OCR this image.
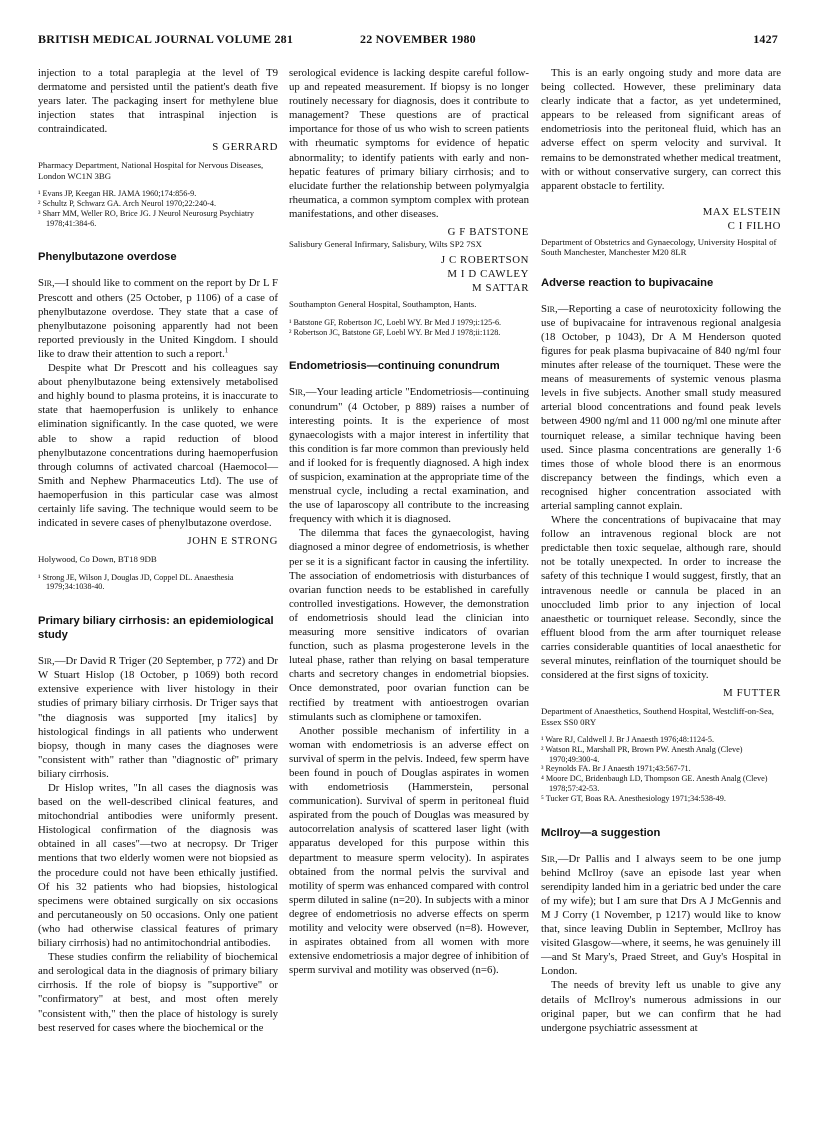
BRITISH MEDICAL JOURNAL VOLUME 281	22 NOVEMBER 1980	1427

injection to a total paraplegia at the level of T9 dermatome and persisted until the patient's death five years later. The packaging insert for methylene blue injection states that intraspinal injection is contraindicated.

S GERRARD
Pharmacy Department, National Hospital for Nervous Diseases, London WC1N 3BG
¹ Evans JP, Keegan HR. JAMA 1960;174:856-9.
² Schultz P, Schwarz GA. Arch Neurol 1970;22:240-4.
³ Sharr MM, Weller RO, Brice JG. J Neurol Neurosurg Psychiatry 1978;41:384-6.
Phenylbutazone overdose

Sir,—I should like to comment on the report by Dr L F Prescott and others (25 October, p 1106) of a case of phenylbutazone overdose. They state that a case of phenylbutazone poisoning apparently had not been reported previously in the United Kingdom. I should like to draw their attention to such a report.$^1$

Despite what Dr Prescott and his colleagues say about phenylbutazone being extensively metabolised and highly bound to plasma proteins, it is inaccurate to state that haemoperfusion is unlikely to enhance elimination significantly. In the case quoted, we were able to show a rapid reduction of blood phenylbutazone concentrations during haemoperfusion through columns of activated charcoal (Haemocol—Smith and Nephew Pharmaceutics Ltd). The use of haemoperfusion in this particular case was almost certainly life saving. The technique would seem to be indicated in severe cases of phenylbutazone overdose.

JOHN E STRONG
Holywood, Co Down, BT18 9DB
¹ Strong JE, Wilson J, Douglas JD, Coppel DL. Anaesthesia 1979;34:1038-40.
Primary biliary cirrhosis: an epidemiological study

Sir,—Dr David R Triger (20 September, p 772) and Dr W Stuart Hislop (18 October, p 1069) both record extensive experience with liver histology in their studies of primary biliary cirrhosis. Dr Triger says that "the diagnosis was supported [my italics] by histological findings in all patients who underwent biopsy, though in many cases the diagnoses were "consistent with" rather than "diagnostic of" primary biliary cirrhosis.

Dr Hislop writes, "In all cases the diagnosis was based on the well-described clinical features, and mitochondrial antibodies were uniformly present. Histological confirmation of the diagnosis was obtained in all cases"—two at necropsy. Dr Triger mentions that two elderly women were not biopsied as the procedure could not have been ethically justified. Of his 32 patients who had biopsies, histological specimens were obtained surgically on six occasions and percutaneously on 50 occasions. Only one patient (who had otherwise classical features of primary biliary cirrhosis) had no antimitochondrial antibodies.

These studies confirm the reliability of biochemical and serological data in the diagnosis of primary biliary cirrhosis. If the role of biopsy is "supportive" or "confirmatory" at best, and most often merely "consistent with," then the place of histology is surely best reserved for cases where the biochemical or the

serological evidence is lacking despite careful follow-up and repeated measurement. If biopsy is no longer routinely necessary for diagnosis, does it contribute to management? These questions are of practical importance for those of us who wish to screen patients with rheumatic symptoms for evidence of hepatic abnormality; to identify patients with early and non-hepatic features of primary biliary cirrhosis; and to elucidate further the relationship between polymyalgia rheumatica, a common symptom complex with protean manifestations, and other diseases.

G F BATSTONE
Salisbury General Infirmary, Salisbury, Wilts SP2 7SX
J C ROBERTSON
M I D CAWLEY
M SATTAR
Southampton General Hospital, Southampton, Hants.
¹ Batstone GF, Robertson JC, Loebl WY. Br Med J 1979;i:125-6.
² Robertson JC, Batstone GF, Loebl WY. Br Med J 1978;ii:1128.
Endometriosis—continuing conundrum

Sir,—Your leading article "Endometriosis—continuing conundrum" (4 October, p 889) raises a number of interesting points. It is the experience of most gynaecologists with a major interest in infertility that this condition is far more common than previously held and if looked for is frequently diagnosed. A high index of suspicion, examination at the appropriate time of the menstrual cycle, including a rectal examination, and the use of laparoscopy all contribute to the increasing frequency with which it is diagnosed.

The dilemma that faces the gynaecologist, having diagnosed a minor degree of endometriosis, is whether per se it is a significant factor in causing the infertility. The association of endometriosis with disturbances of ovarian function needs to be established in carefully controlled investigations. However, the demonstration of endometriosis should lead the clinician into measuring more sensitive indicators of ovarian function, such as plasma progesterone levels in the luteal phase, rather than relying on basal temperature charts and secretory changes in endometrial biopsies. Once demonstrated, poor ovarian function can be rectified by treatment with antioestrogen ovarian stimulants such as clomiphene or tamoxifen.

Another possible mechanism of infertility in a woman with endometriosis is an adverse effect on survival of sperm in the pelvis. Indeed, few sperm have been found in pouch of Douglas aspirates in women with endometriosis (Hammerstein, personal communication). Survival of sperm in peritoneal fluid aspirated from the pouch of Douglas was measured by autocorrelation analysis of scattered laser light (with apparatus developed for this purpose within this department to measure sperm velocity). In aspirates obtained from the normal pelvis the survival and motility of sperm was enhanced compared with control sperm diluted in saline (n=20). In subjects with a minor degree of endometriosis no adverse effects on sperm motility and velocity were observed (n=8). However, in aspirates obtained from all women with more extensive endometriosis a major degree of inhibition of sperm survival and motility was observed (n=6).

This is an early ongoing study and more data are being collected. However, these preliminary data clearly indicate that a factor, as yet undetermined, appears to be released from significant areas of endometriosis into the peritoneal fluid, which has an adverse effect on sperm velocity and survival. It remains to be demonstrated whether medical treatment, with or without conservative surgery, can correct this apparent obstacle to fertility.

MAX ELSTEIN
C I FILHO
Department of Obstetrics and Gynaecology, University Hospital of South Manchester, Manchester M20 8LR
Adverse reaction to bupivacaine

Sir,—Reporting a case of neurotoxicity following the use of bupivacaine for intravenous regional analgesia (18 October, p 1043), Dr A M Henderson quoted figures for peak plasma bupivacaine of 840 ng/ml four minutes after release of the tourniquet. These were the means of measurements of systemic venous plasma levels in five subjects. Another small study measured arterial blood concentrations and found peak levels between 4900 ng/ml and 11 000 ng/ml one minute after tourniquet release, a similar technique having been used. Since plasma concentrations are generally 1·6 times those of whole blood there is an enormous discrepancy between the findings, which even a recognised higher concentration associated with arterial sampling cannot explain.

Where the concentrations of bupivacaine that may follow an intravenous regional block are not predictable then toxic sequelae, although rare, should not be totally unexpected. In order to increase the safety of this technique I would suggest, firstly, that an intravenous needle or cannula be placed in an unoccluded limb prior to any injection of local anaesthetic or tourniquet release. Secondly, since the effluent blood from the arm after tourniquet release carries considerable quantities of local anaesthetic for several minutes, reinflation of the tourniquet should be considered at the first signs of toxicity.

M FUTTER
Department of Anaesthetics, Southend Hospital, Westcliff-on-Sea, Essex SS0 0RY
¹ Ware RJ, Caldwell J. Br J Anaesth 1976;48:1124-5.
² Watson RL, Marshall PR, Brown PW. Anesth Analg (Cleve) 1970;49:300-4.
³ Reynolds FA. Br J Anaesth 1971;43:567-71.
⁴ Moore DC, Bridenbaugh LD, Thompson GE. Anesth Analg (Cleve) 1978;57:42-53.
⁵ Tucker GT, Boas RA. Anesthesiology 1971;34:538-49.
McIlroy—a suggestion

Sir,—Dr Pallis and I always seem to be one jump behind McIlroy (save an episode last year when serendipity landed him in a geriatric bed under the care of my wife); but I am sure that Drs A J McGennis and M J Corry (1 November, p 1217) would like to know that, since leaving Dublin in September, McIlroy has visited Glasgow—where, it seems, he was genuinely ill—and St Mary's, Praed Street, and Guy's Hospital in London.

The needs of brevity left us unable to give any details of McIlroy's numerous admissions in our original paper, but we can confirm that he had undergone psychiatric assessment at
